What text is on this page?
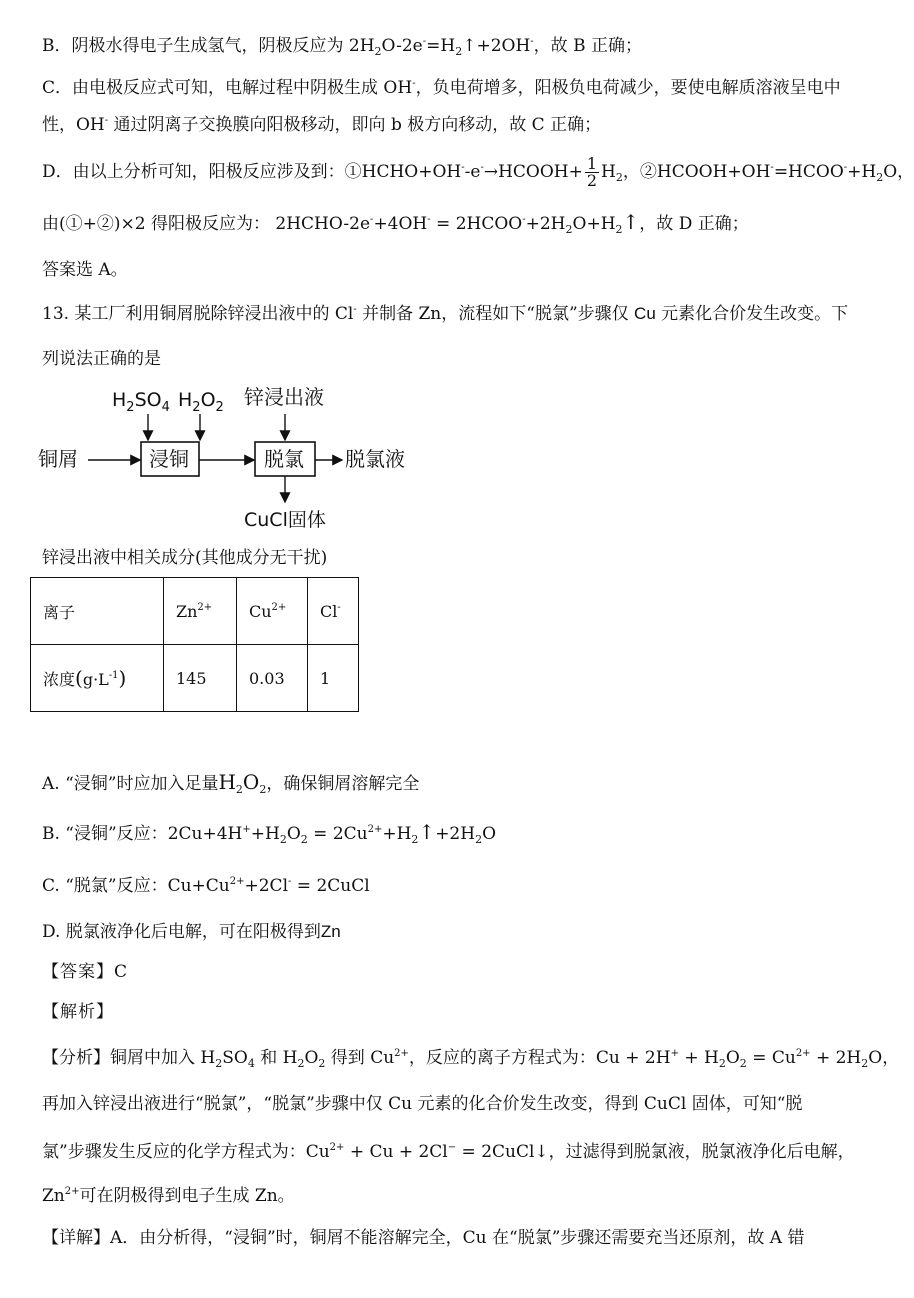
B．阴极水得电子生成氢气，阴极反应为 $2H_2O-2e^-=H_2↑+2OH^-$，故 B 正确；
C．由电极反应式可知，电解过程中阴极生成 OH-，负电荷增多，阳极负电荷减少，要使电解质溶液呈电中
性，OH- 通过阴离子交换膜向阳极移动，即向 b 极方向移动，故 C 正确；
D．由以上分析可知，阳极反应涉及到：①HCHO+OH--e-→HCOOH+ $\frac{1}{2} H_2$，$②HCOOH+OH^-=HCOO^-+H_2O$，
由(①+②)×2 得阳极反应为： 2HCHO-2e-+4OH- = $2HCOO^-+2H_2O+H_2↑$，故 D 正确；
答案选 A。
13. 某工厂利用铜屑脱除锌浸出液中的 Cl- 并制备 Zn，流程如下“脱氯”步骤仅 Cu 元素化合价发生改变。下
列说法正确的是
$H_2SO_4$ $H_2O_2$ 锌浸出液
铜屑	浸铜	脱氯 脱氯液
CuCl固体
锌浸出液中相关成分(其他成分无干扰)
离子	$Zn^{2+}$	$Cu^{2+}$	Cl-
浓度$(g\cdot L^{-1})$	145	0.03	1
A. “浸铜”时应加入足量$H_2O_2$，确保铜屑溶解完全
B. “浸铜”反应：$2Cu+4H^++H_2O_2$ = $2Cu^{2+}+H_2↑+2H_2O$
C. “脱氯”反应：$Cu+Cu^{2+}+2Cl^-$ = 2CuCl
D. 脱氯液净化后电解，可在阳极得到Zn
【答案】C
【解析】
【分析】铜屑中加入 $H_2SO_4$ 和 $H_2O_2$ 得到 $Cu^{2+}$，反应的离子方程式为：$Cu + 2H^+ + H_2O_2 = Cu^{2+} + 2H_2O$，
再加入锌浸出液进行“脱氯”，“脱氯”步骤中仅 Cu 元素的化合价发生改变，得到 CuCl 固体，可知“脱
氯”步骤发生反应的化学方程式为：$Cu^{2+} + Cu + 2Cl^-$ = 2CuCl↓，过滤得到脱氯液，脱氯液净化后电解，
$Zn^{2+}$可在阴极得到电子生成 Zn。
【详解】A．由分析得，“浸铜”时，铜屑不能溶解完全，Cu 在“脱氯”步骤还需要充当还原剂，故 A 错
